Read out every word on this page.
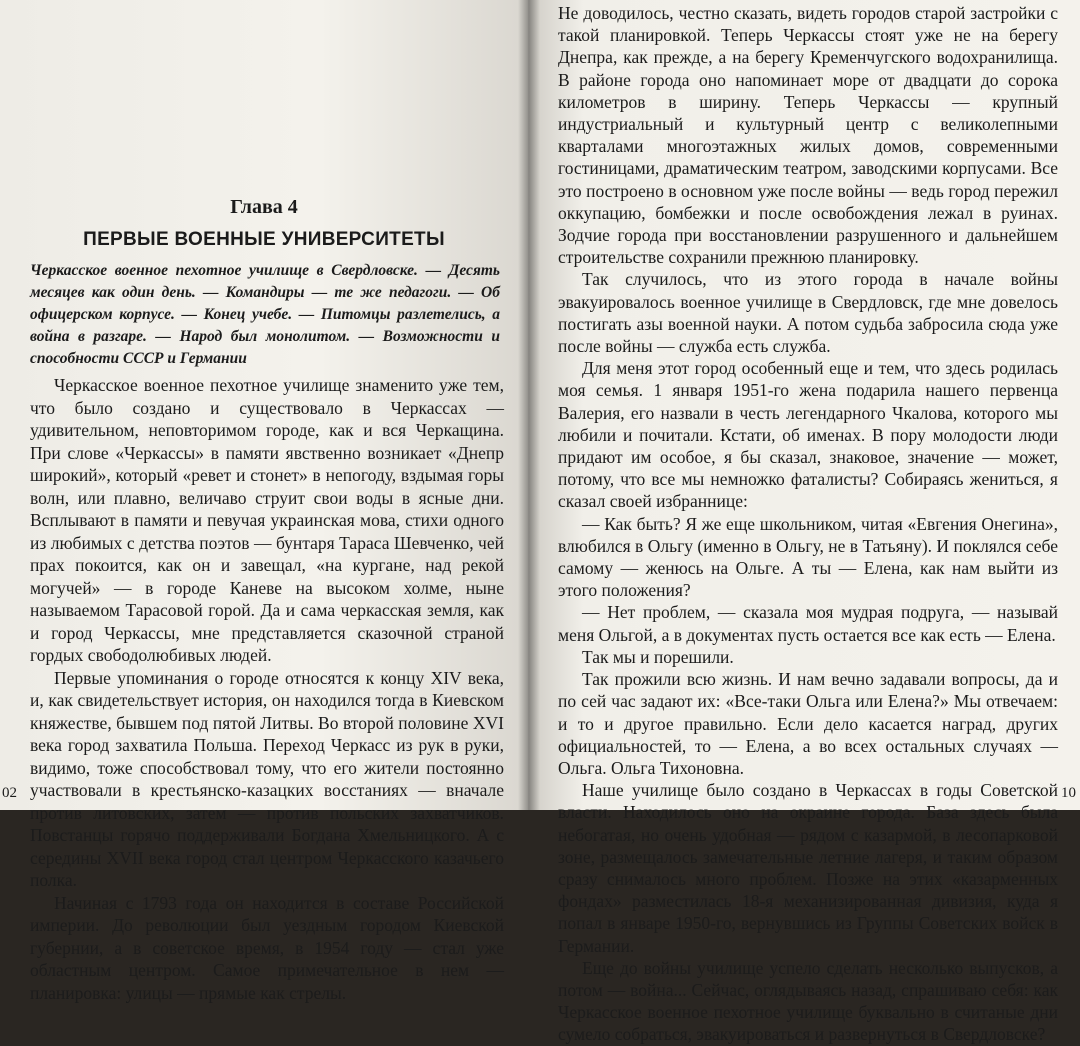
Глава 4
ПЕРВЫЕ ВОЕННЫЕ УНИВЕРСИТЕТЫ
Черкасское военное пехотное училище в Свердловске. — Десять месяцев как один день. — Командиры — те же педагоги. — Об офицерском корпусе. — Конец учебе. — Питомцы разлетелись, а война в разгаре. — Народ был монолитом. — Возможности и способности СССР и Германии

Черкасское военное пехотное училище знаменито уже тем, что было создано и существовало в Черкассах — удивительном, неповторимом городе, как и вся Черкащина. При слове «Черкассы» в памяти явственно возникает «Днепр широкий», который «ревет и стонет» в непогоду, вздымая горы волн, или плавно, величаво струит свои воды в ясные дни. Всплывают в памяти и певучая украинская мова, стихи одного из любимых с детства поэтов — бунтаря Тараса Шевченко, чей прах покоится, как он и завещал, «на кургане, над рекой могучей» — в городе Каневе на высоком холме, ныне называемом Тарасовой горой. Да и сама черкасская земля, как и город Черкассы, мне представляется сказочной страной гордых свободолюбивых людей.

Первые упоминания о городе относятся к концу XIV века, и, как свидетельствует история, он находился тогда в Киевском княжестве, бывшем под пятой Литвы. Во второй половине XVI века город захватила Польша. Переход Черкасс из рук в руки, видимо, тоже способствовал тому, что его жители постоянно участвовали в крестьянско-казацких восстаниях — вначале против литовских, затем — против польских захватчиков. Повстанцы горячо поддерживали Богдана Хмельницкого. А с середины XVII века город стал центром Черкасского казачьего полка.

Начиная с 1793 года он находится в составе Российской империи. До революции был уездным городом Киевской губернии, а в советское время, в 1954 году — стал уже областным центром. Самое примечательное в нем — планировка: улицы — прямые как стрелы.

02

Не доводилось, честно сказать, видеть городов старой застройки с такой планировкой. Теперь Черкассы стоят уже не на берегу Днепра, как прежде, а на берегу Кременчугского водохранилища. В районе города оно напоминает море от двадцати до сорока километров в ширину. Теперь Черкассы — крупный индустриальный и культурный центр с великолепными кварталами многоэтажных жилых домов, современными гостиницами, драматическим театром, заводскими корпусами. Все это построено в основном уже после войны — ведь город пережил оккупацию, бомбежки и после освобождения лежал в руинах. Зодчие города при восстановлении разрушенного и дальнейшем строительстве сохранили прежнюю планировку.

Так случилось, что из этого города в начале войны эвакуировалось военное училище в Свердловск, где мне довелось постигать азы военной науки. А потом судьба забросила сюда уже после войны — служба есть служба.

Для меня этот город особенный еще и тем, что здесь родилась моя семья. 1 января 1951-го жена подарила нашего первенца Валерия, его назвали в честь легендарного Чкалова, которого мы любили и почитали. Кстати, об именах. В пору молодости люди придают им особое, я бы сказал, знаковое, значение — может, потому, что все мы немножко фаталисты? Собираясь жениться, я сказал своей избраннице:

— Как быть? Я же еще школьником, читая «Евгения Онегина», влюбился в Ольгу (именно в Ольгу, не в Татьяну). И поклялся себе самому — женюсь на Ольге. А ты — Елена, как нам выйти из этого положения?

— Нет проблем, — сказала моя мудрая подруга, — называй меня Ольгой, а в документах пусть остается все как есть — Елена.

Так мы и порешили.

Так прожили всю жизнь. И нам вечно задавали вопросы, да и по сей час задают их: «Все-таки Ольга или Елена?» Мы отвечаем: и то и другое правильно. Если дело касается наград, других официальностей, то — Елена, а во всех остальных случаях — Ольга. Ольга Тихоновна.

Наше училище было создано в Черкассах в годы Советской власти. Находилось оно на окраине города. База здесь была небогатая, но очень удобная — рядом с казармой, в лесопарковой зоне, размещалось замечательные летние лагеря, и таким образом сразу снималось много проблем. Позже на этих «казарменных фондах» разместилась 18-я механизированная дивизия, куда я попал в январе 1950-го, вернувшись из Группы Советских войск в Германии.

Еще до войны училище успело сделать несколько выпусков, а потом — война... Сейчас, оглядываясь назад, спрашиваю себя: как Черкасское военное пехотное училище буквально в считаные дни сумело собраться, эвакуироваться и развернуться в Свердловске?

10
